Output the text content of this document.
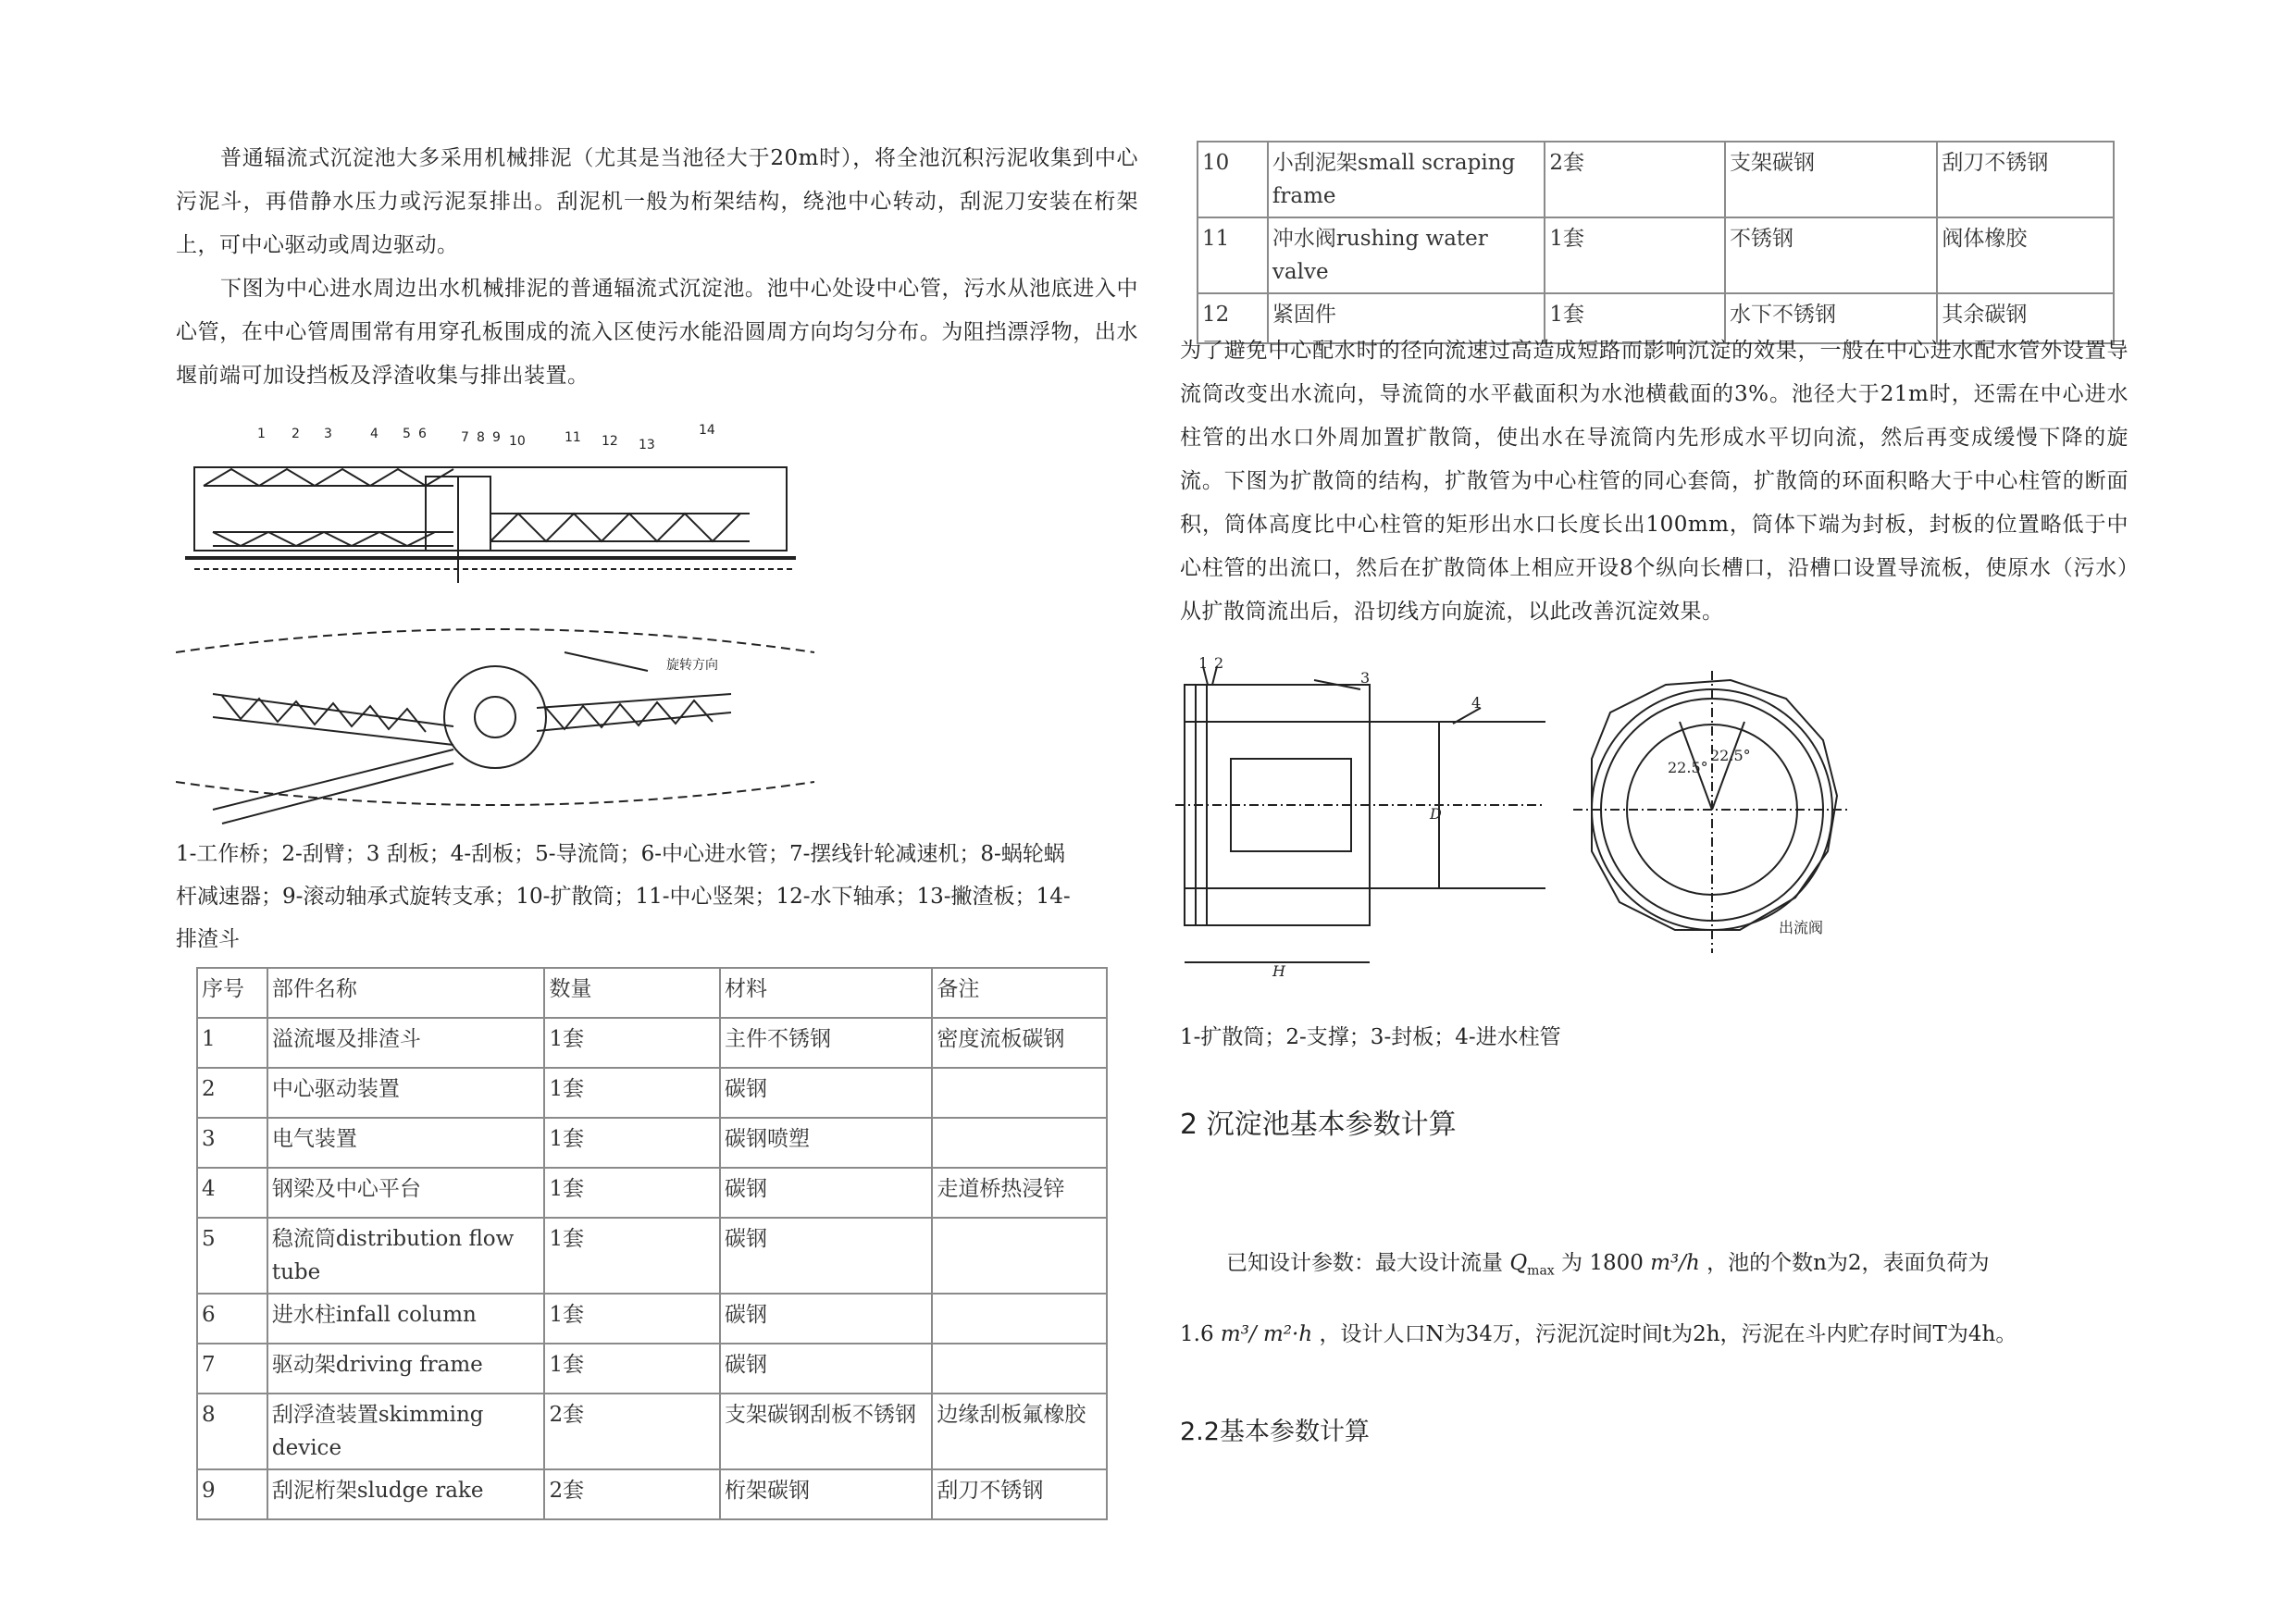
普通辐流式沉淀池大多采用机械排泥（尤其是当池径大于20m时），将全池沉积污泥收集到中心污泥斗，再借静水压力或污泥泵排出。刮泥机一般为桁架结构，绕池中心转动，刮泥刀安装在桁架上，可中心驱动或周边驱动。

下图为中心进水周边出水机械排泥的普通辐流式沉淀池。池中心处设中心管，污水从池底进入中心管，在中心管周围常有用穿孔板围成的流入区使污水能沿圆周方向均匀分布。为阻挡漂浮物，出水堰前端可加设挡板及浮渣收集与排出装置。

1 2 3	4 5 6	7 8 9 10	11 12 13
14
旋转方向

1-工作桥；2-刮臂；3 刮板；4-刮板；5-导流筒；6-中心进水管；7-摆线针轮减速机；8-蜗轮蜗杆减速器；9-滚动轴承式旋转支承；10-扩散筒；11-中心竖架；12-水下轴承；13-撇渣板；14-排渣斗

序号	部件名称	数量	材料	备注
1	溢流堰及排渣斗	1套	主件不锈钢	密度流板碳钢
2	中心驱动装置	1套	碳钢	
3	电气装置	1套	碳钢喷塑	
4	钢梁及中心平台	1套	碳钢	走道桥热浸锌
5	稳流筒distribution flow tube	1套	碳钢	
6	进水柱infall column	1套	碳钢	
7	驱动架driving frame	1套	碳钢	
8	刮浮渣装置skimming device	2套	支架碳钢刮板不锈钢	边缘刮板氟橡胶
9	刮泥桁架sludge rake	2套	桁架碳钢	刮刀不锈钢
10	小刮泥架small scraping frame	2套	支架碳钢	刮刀不锈钢
11	冲水阀rushing water valve	1套	不锈钢	阀体橡胶
12	紧固件	1套	水下不锈钢	其余碳钢

为了避免中心配水时的径向流速过高造成短路而影响沉淀的效果，一般在中心进水配水管外设置导流筒改变出水流向，导流筒的水平截面积为水池横截面的3%。池径大于21m时，还需在中心进水柱管的出水口外周加置扩散筒，使出水在导流筒内先形成水平切向流，然后再变成缓慢下降的旋流。下图为扩散筒的结构，扩散管为中心柱管的同心套筒，扩散筒的环面积略大于中心柱管的断面积，筒体高度比中心柱管的矩形出水口长度长出100mm，筒体下端为封板，封板的位置略低于中心柱管的出流口，然后在扩散筒体上相应开设8个纵向长槽口，沿槽口设置导流板，使原水（污水）从扩散筒流出后，沿切线方向旋流，以此改善沉淀效果。

1 2
3
4
D
H
22.5°
22.5°
出流阀

1-扩散筒；2-支撑；3-封板；4-进水柱管

2 沉淀池基本参数计算
已知设计参数：最大设计流量 $Q_{max}$ 为 1800 m³/h ，池的个数n为2，表面负荷为
1.6 m³/ m²·h ，设计人口N为34万，污泥沉淀时间t为2h，污泥在斗内贮存时间T为4h。
2.2基本参数计算
